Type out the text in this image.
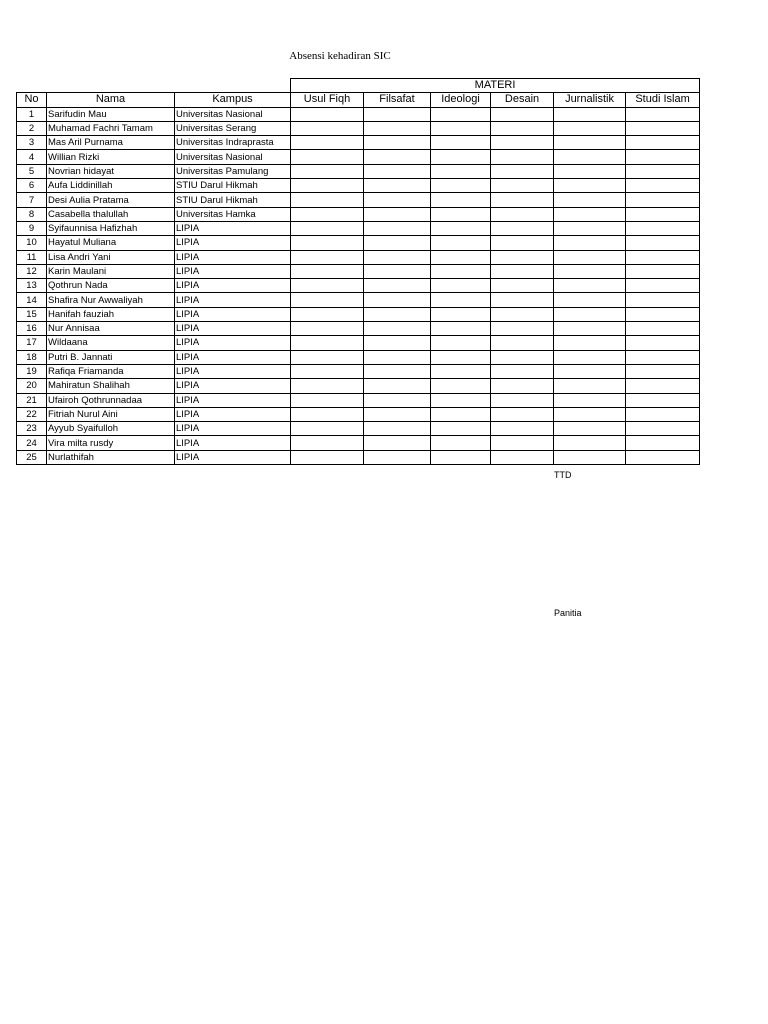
Absensi kehadiran SIC
			MATERI					
No	Nama	Kampus	Usul Fiqh	Filsafat	Ideologi	Desain	Jurnalistik	Studi Islam
1	Sarifudin Mau	Universitas Nasional						
2	Muhamad Fachri Tamam	Universitas Serang						
3	Mas Aril Purnama	Universitas Indraprasta						
4	Willian Rizki	Universitas Nasional						
5	Novrian hidayat	Universitas Pamulang						
6	Aufa Liddinillah	STIU Darul Hikmah						
7	Desi Aulia Pratama	STIU Darul Hikmah						
8	Casabella thalullah	Universitas Hamka						
9	Syifaunnisa Hafizhah	LIPIA						
10	Hayatul Muliana	LIPIA						
11	Lisa Andri Yani	LIPIA						
12	Karin Maulani	LIPIA						
13	Qothrun Nada	LIPIA						
14	Shafira Nur Awwaliyah	LIPIA						
15	Hanifah fauziah	LIPIA						
16	Nur Annisaa	LIPIA						
17	Wildaana	LIPIA						
18	Putri B. Jannati	LIPIA						
19	Rafiqa Friamanda	LIPIA						
20	Mahiratun Shalihah	LIPIA						
21	Ufairoh Qothrunnadaa	LIPIA						
22	Fitriah Nurul Aini	LIPIA						
23	Ayyub Syaifulloh	LIPIA						
24	Vira milta rusdy	LIPIA						
25	Nurlathifah	LIPIA						
TTD
Panitia
